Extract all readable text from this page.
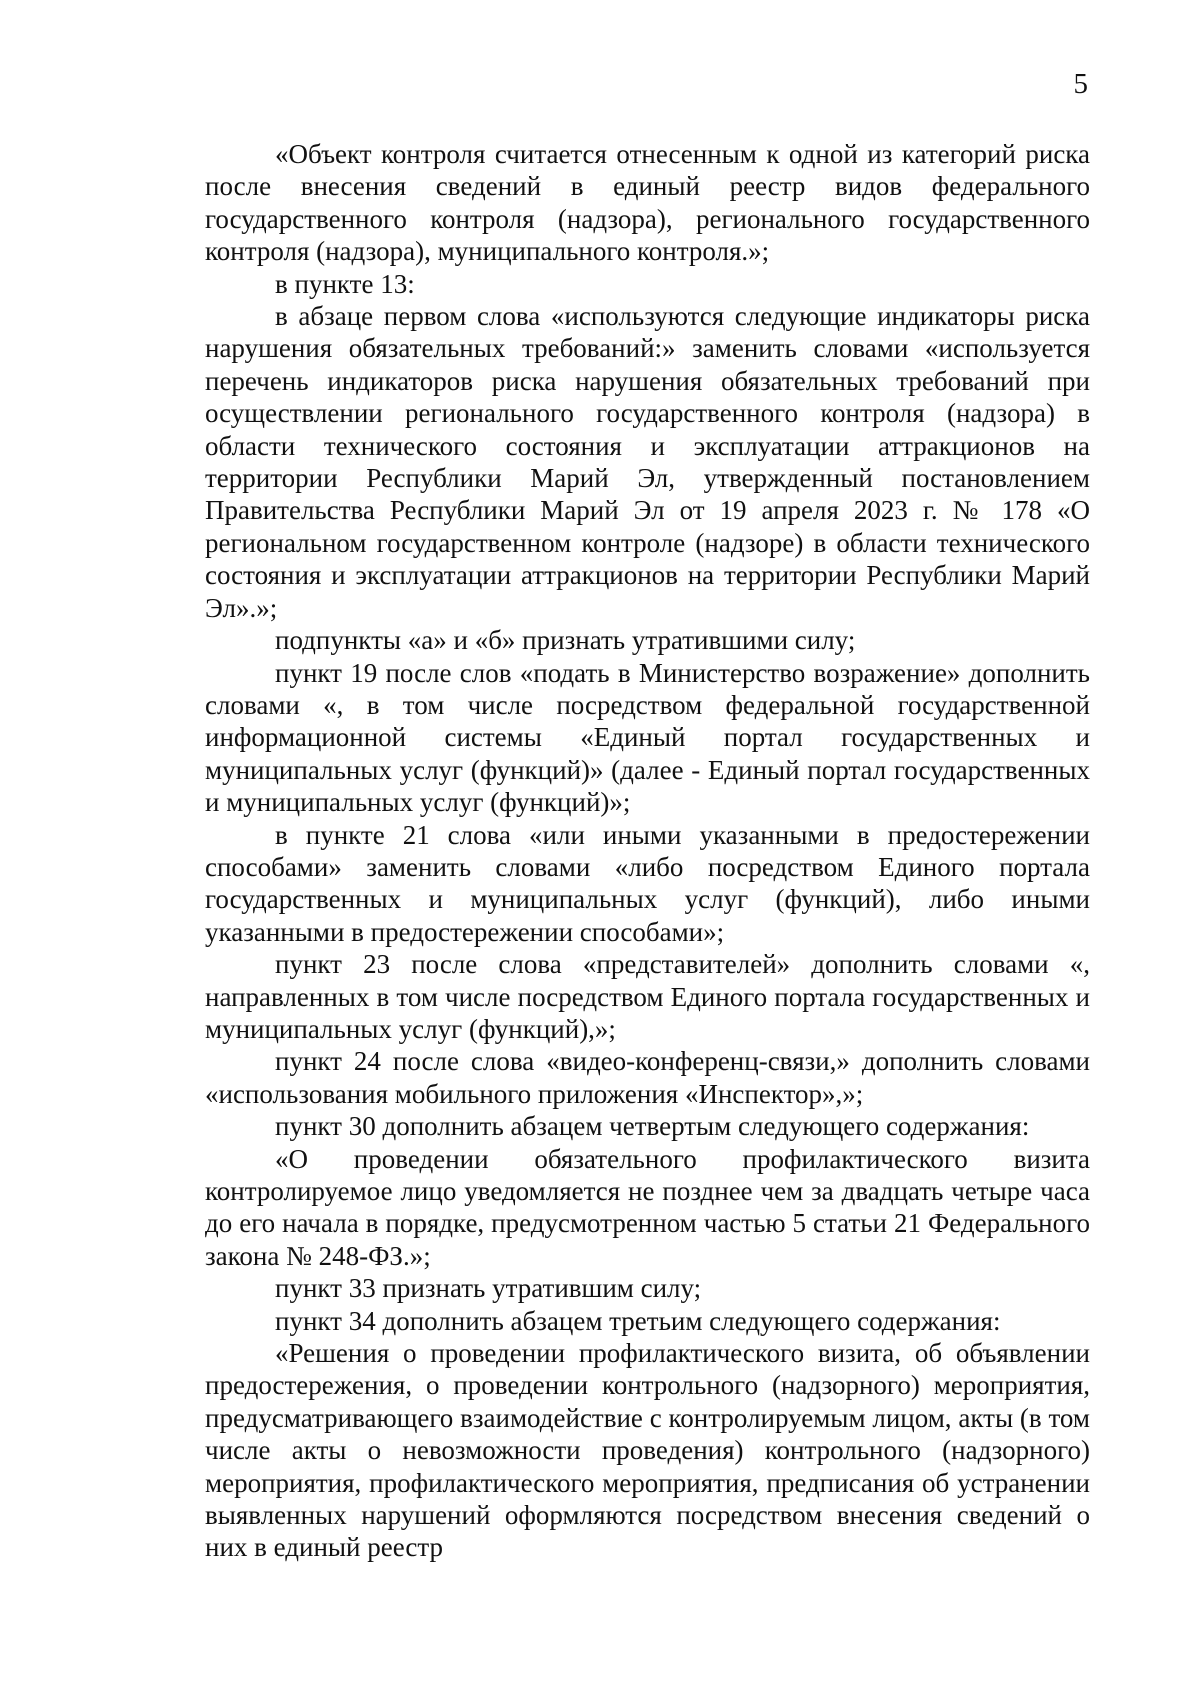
5

«Объект контроля считается отнесенным к одной из категорий риска после внесения сведений в единый реестр видов федерального государственного контроля (надзора), регионального государственного контроля (надзора), муниципального контроля.»;

в пункте 13:

в абзаце первом слова «используются следующие индикаторы риска нарушения обязательных требований:» заменить словами «используется перечень индикаторов риска нарушения обязательных требований при осуществлении регионального государственного контроля (надзора) в области технического состояния и эксплуатации аттракционов на территории Республики Марий Эл, утвержденный постановлением Правительства Республики Марий Эл от 19 апреля 2023 г. № 178 «О региональном государственном контроле (надзоре) в области технического состояния и эксплуатации аттракционов на территории Республики Марий Эл».»;

подпункты «а» и «б» признать утратившими силу;

пункт 19 после слов «подать в Министерство возражение» дополнить словами «, в том числе посредством федеральной государственной информационной системы «Единый портал государственных и муниципальных услуг (функций)» (далее - Единый портал государственных и муниципальных услуг (функций)»;

в пункте 21 слова «или иными указанными в предостережении способами» заменить словами «либо посредством Единого портала государственных и муниципальных услуг (функций), либо иными указанными в предостережении способами»;

пункт 23 после слова «представителей» дополнить словами «, направленных в том числе посредством Единого портала государственных и муниципальных услуг (функций),»;

пункт 24 после слова «видео-конференц-связи,» дополнить словами «использования мобильного приложения «Инспектор»,»;

пункт 30 дополнить абзацем четвертым следующего содержания:

«О проведении обязательного профилактического визита контролируемое лицо уведомляется не позднее чем за двадцать четыре часа до его начала в порядке, предусмотренном частью 5 статьи 21 Федерального закона № 248-ФЗ.»;

пункт 33 признать утратившим силу;

пункт 34 дополнить абзацем третьим следующего содержания:

«Решения о проведении профилактического визита, об объявлении предостережения, о проведении контрольного (надзорного) мероприятия, предусматривающего взаимодействие с контролируемым лицом, акты (в том числе акты о невозможности проведения) контрольного (надзорного) мероприятия, профилактического мероприятия, предписания об устранении выявленных нарушений оформляются посредством внесения сведений о них в единый реестр
